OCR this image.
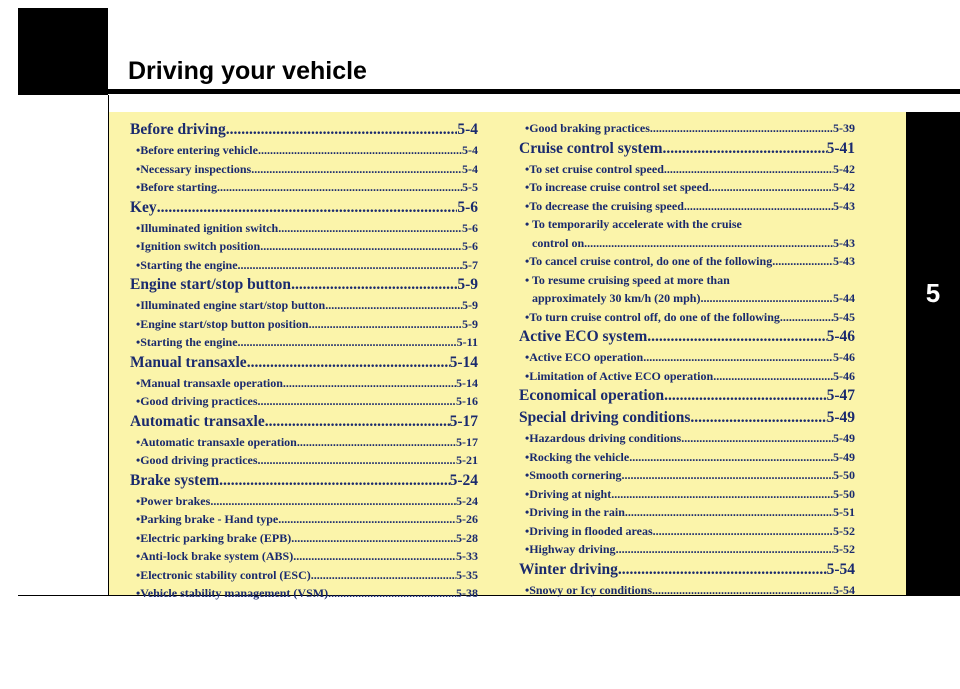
Driving your vehicle
5
Before driving .....	5-4
• Before entering vehicle .....	5-4
• Necessary inspections .....	5-4
• Before starting .....	5-5
Key .....	5-6
• Illuminated ignition switch .....	5-6
• Ignition switch position .....	5-6
• Starting the engine .....	5-7
Engine start/stop button .....	5-9
• Illuminated engine start/stop button .....	5-9
• Engine start/stop button position .....	5-9
• Starting the engine .....	5-11
Manual transaxle .....	5-14
• Manual transaxle operation .....	5-14
• Good driving practices .....	5-16
Automatic transaxle .....	5-17
• Automatic transaxle operation .....	5-17
• Good driving practices .....	5-21
Brake system .....	5-24
• Power brakes .....	5-24
• Parking brake - Hand type .....	5-26
• Electric parking brake (EPB) .....	5-28
• Anti-lock brake system (ABS) .....	5-33
• Electronic stability control (ESC) .....	5-35
• Vehicle stability management (VSM) .....	5-38
• Good braking practices .....	5-39
Cruise control system .....	5-41
• To set cruise control speed .....	5-42
• To increase cruise control set speed .....	5-42
• To decrease the cruising speed .....	5-43
• To temporarily accelerate with the cruise
control on .....	5-43
• To cancel cruise control, do one of the following .....	5-43
• To resume cruising speed at more than
approximately 30 km/h (20 mph) .....	5-44
• To turn cruise control off, do one of the following .....	5-45
Active ECO system .....	5-46
• Active ECO operation .....	5-46
• Limitation of Active ECO operation .....	5-46
Economical operation .....	5-47
Special driving conditions .....	5-49
• Hazardous driving conditions .....	5-49
• Rocking the vehicle .....	5-49
• Smooth cornering .....	5-50
• Driving at night .....	5-50
• Driving in the rain .....	5-51
• Driving in flooded areas .....	5-52
• Highway driving .....	5-52
Winter driving .....	5-54
• Snowy or Icy conditions .....	5-54
